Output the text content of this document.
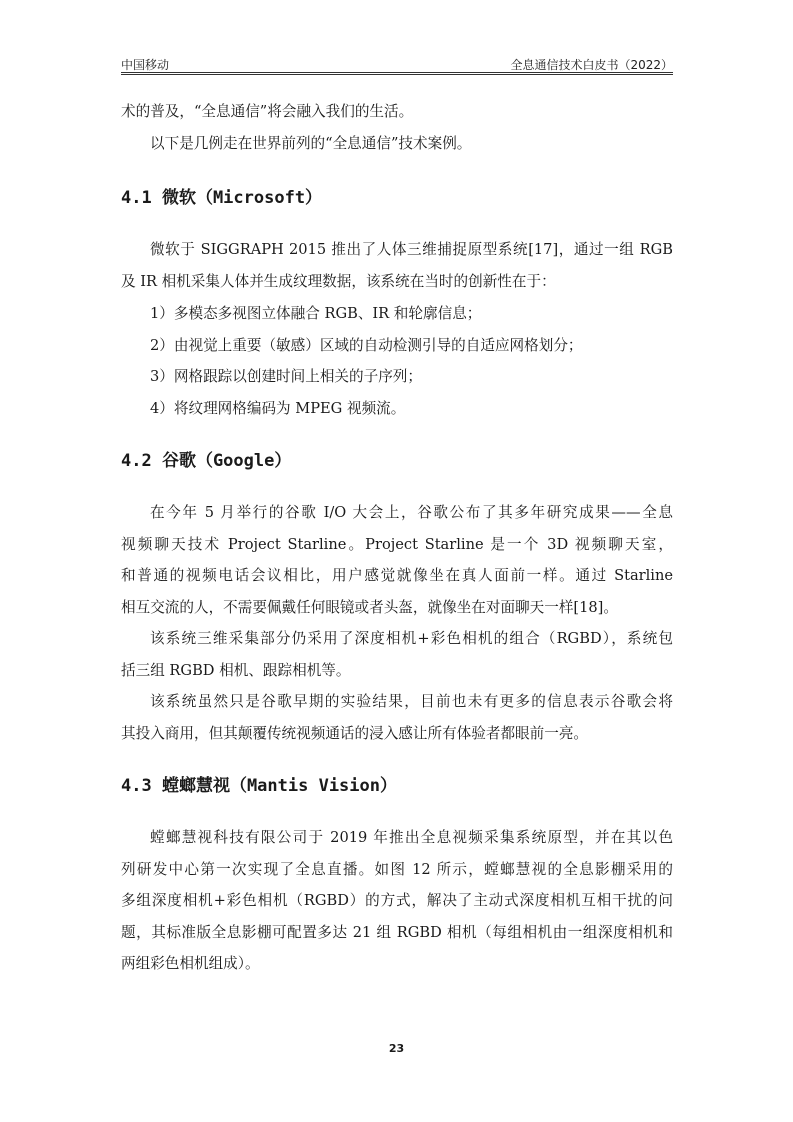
中国移动	全息通信技术白皮书（2022）

术的普及，“全息通信”将会融入我们的生活。

以下是几例走在世界前列的“全息通信”技术案例。

4.1 微软（Microsoft）
微软于 SIGGRAPH 2015 推出了人体三维捕捉原型系统[17]，通过一组 RGB
及 IR 相机采集人体并生成纹理数据，该系统在当时的创新性在于：

1）多模态多视图立体融合 RGB、IR 和轮廓信息；

2）由视觉上重要（敏感）区域的自动检测引导的自适应网格划分；

3）网格跟踪以创建时间上相关的子序列；

4）将纹理网格编码为 MPEG 视频流。

4.2 谷歌（Google）
在今年 5 月举行的谷歌 I/O 大会上，谷歌公布了其多年研究成果——全息
视频聊天技术 Project Starline。Project Starline 是一个 3D 视频聊天室，
和普通的视频电话会议相比，用户感觉就像坐在真人面前一样。通过 Starline
相互交流的人，不需要佩戴任何眼镜或者头盔，就像坐在对面聊天一样[18]。
该系统三维采集部分仍采用了深度相机+彩色相机的组合（RGBD），系统包
括三组 RGBD 相机、跟踪相机等。
该系统虽然只是谷歌早期的实验结果，目前也未有更多的信息表示谷歌会将
其投入商用，但其颠覆传统视频通话的浸入感让所有体验者都眼前一亮。
4.3 螳螂慧视（Mantis Vision）
螳螂慧视科技有限公司于 2019 年推出全息视频采集系统原型，并在其以色
列研发中心第一次实现了全息直播。如图 12 所示，螳螂慧视的全息影棚采用的
多组深度相机+彩色相机（RGBD）的方式，解决了主动式深度相机互相干扰的问
题，其标准版全息影棚可配置多达 21 组 RGBD 相机（每组相机由一组深度相机和
两组彩色相机组成）。
23
